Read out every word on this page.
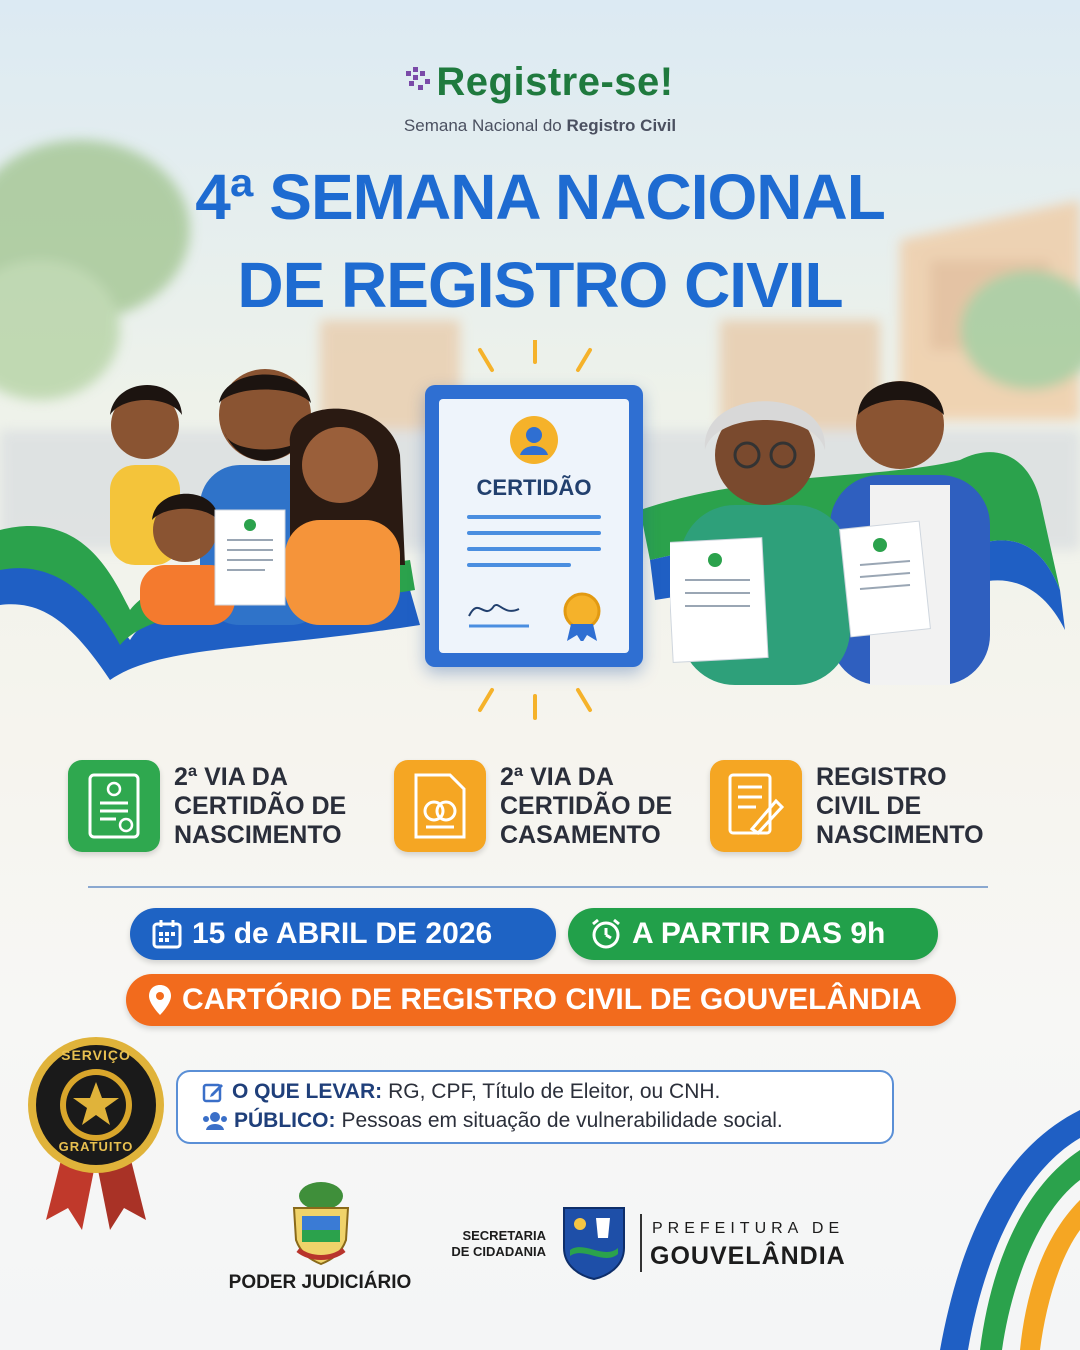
Registre-se!
Semana Nacional do Registro Civil
4ª SEMANA NACIONAL
DE REGISTRO CIVIL
CERTIDÃO
2ª VIA DA
CERTIDÃO DE
NASCIMENTO
2ª VIA DA
CERTIDÃO DE
CASAMENTO
REGISTRO
CIVIL DE
NASCIMENTO
15 de ABRIL DE 2026	A PARTIR DAS 9h
CARTÓRIO DE REGISTRO CIVIL DE GOUVELÂNDIA
SERVIÇO
GRATUITO
O QUE LEVAR: RG, CPF, Título de Eleitor, ou CNH.
PÚBLICO: Pessoas em situação de vulnerabilidade social.
PODER JUDICIÁRIO
SECRETARIA
DE CIDADANIA
PREFEITURA DE
GOUVELÂNDIA
